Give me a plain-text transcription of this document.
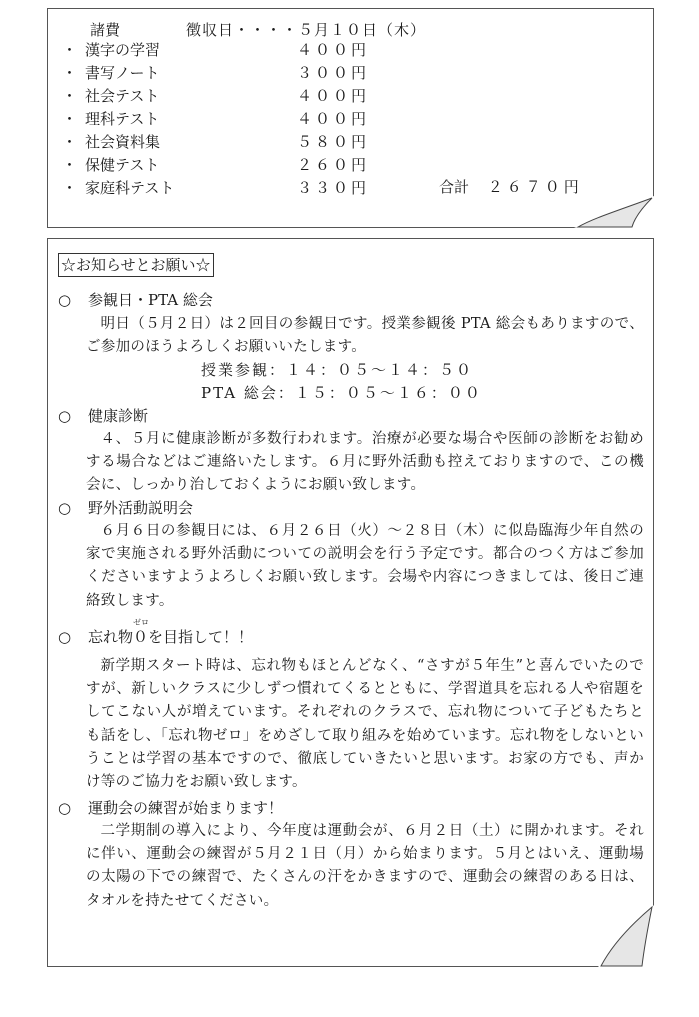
諸費	徴収日・・・・５月１０日（木）
・ 漢字の学習	４００円
・ 書写ノート	３００円
・ 社会テスト	４００円
・ 理科テスト	４００円
・ 社会資料集	５８０円
・ 保健テスト	２６０円
・ 家庭科テスト	３３０円	合計 ２６７０円
☆お知らせとお願い☆
○ 参観日・PTA 総会

明日（５月２日）は２回目の参観日です。授業参観後 PTA 総会もありますので、ご参加のほうよろしくお願いいたします。

授業参観：１４：０５～１４：５０
PTA 総会：１５：０５～１６：００
○ 健康診断

４、５月に健康診断が多数行われます。治療が必要な場合や医師の診断をお勧めする場合などはご連絡いたします。６月に野外活動も控えておりますので、この機会に、しっかり治しておくようにお願い致します。

○ 野外活動説明会

６月６日の参観日には、６月２６日（火）～２８日（木）に似島臨海少年自然の家で実施される野外活動についての説明会を行う予定です。都合のつく方はご参加くださいますようよろしくお願い致します。会場や内容につきましては、後日ご連絡致します。

○ 忘れ物
ゼロ
０を目指して！！

新学期スタート時は、忘れ物もほとんどなく、“さすが５年生”と喜んでいたのですが、新しいクラスに少しずつ慣れてくるとともに、学習道具を忘れる人や宿題をしてこない人が増えています。それぞれのクラスで、忘れ物について子どもたちとも話をし、「忘れ物ゼロ」をめざして取り組みを始めています。忘れ物をしないということは学習の基本ですので、徹底していきたいと思います。お家の方でも、声かけ等のご協力をお願い致します。

○ 運動会の練習が始まります！

二学期制の導入により、今年度は運動会が、６月２日（土）に開かれます。それに伴い、運動会の練習が５月２１日（月）から始まります。５月とはいえ、運動場の太陽の下での練習で、たくさんの汗をかきますので、運動会の練習のある日は、タオルを持たせてください。
